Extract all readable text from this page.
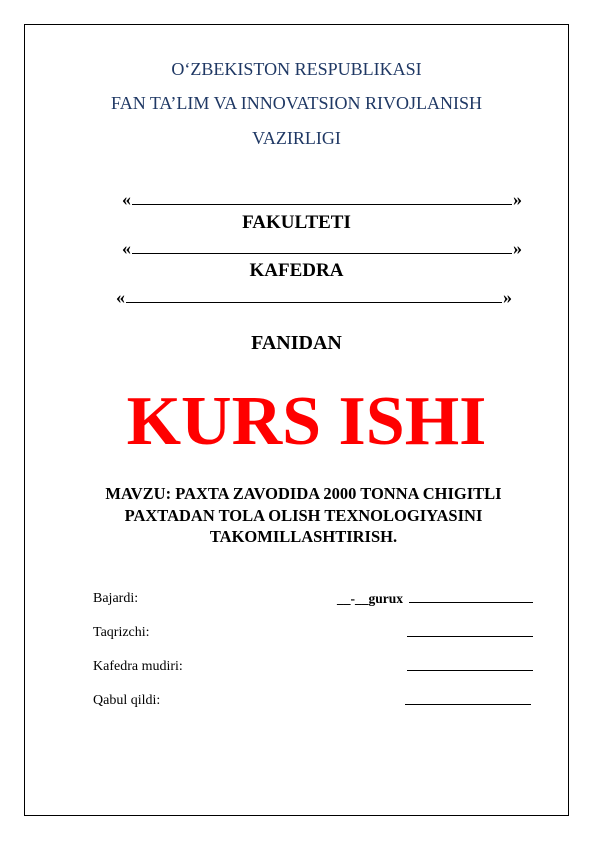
O‘ZBEKISTON RESPUBLIKASI
FAN TA’LIM VA INNOVATSION RIVOJLANISH
VAZIRLIGI
«	»
FAKULTETI
«	»
KAFEDRA
«	»
FANIDAN
KURS ISHI
MAVZU: PAXTA ZAVODIDA 2000 TONNA CHIGITLI PAXTADAN TOLA OLISH TEXNOLOGIYASINI TAKOMILLASHTIRISH.
Bajardi:	__-__gurux
Taqrizchi:
Kafedra mudiri:
Qabul qildi:
